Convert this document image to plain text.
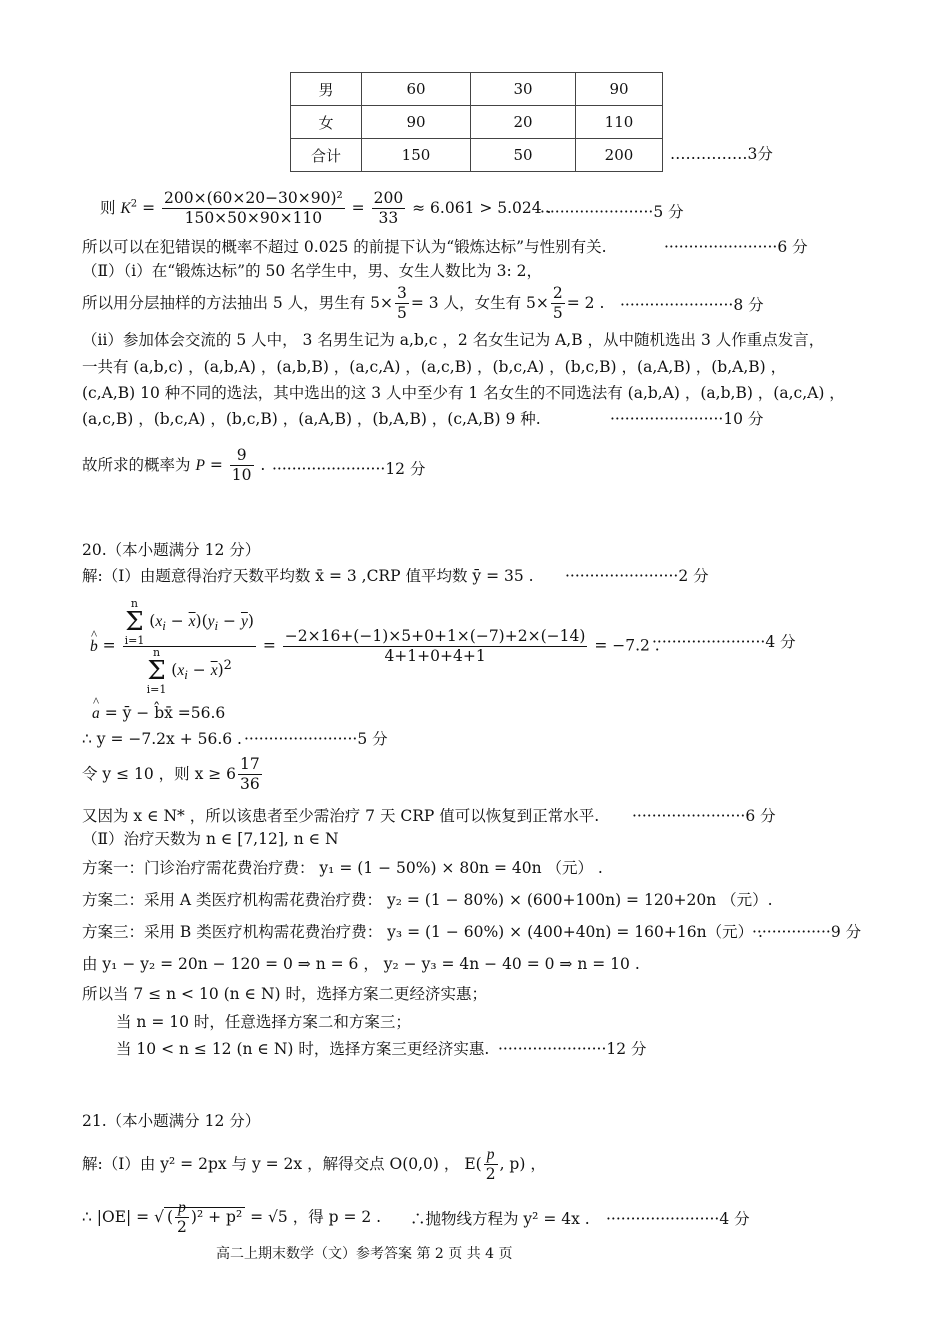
男	60	30	90
女	90	20	110
合计	150	50	200 ……………3分
则 $K^2 = \frac{\text{200×(60×20−30×90)²}}{150\times 50\times 90\times 110} = \frac{200}{33} \approx 6.061 > 5.024$ .
·······················5 分
所以可以在犯错误的概率不超过 0.025 的前提下认为“锻炼达标”与性别有关.	·······················6 分
（Ⅱ）（ⅰ）在“锻炼达标”的 50 名学生中，男、女生人数比为 3: 2，
所以用分层抽样的方法抽出 5 人，男生有 $5\times \frac{3}{5} = 3$ 人，女生有 $5\times \frac{2}{5} = 2$ . ·······················8 分
（ⅱ）参加体会交流的 5 人中， 3 名男生记为 a,b,c ，2 名女生记为 A,B ，从中随机选出 3 人作重点发言，
一共有 (a,b,c) ，(a,b,A) ，(a,b,B) ，(a,c,A) ，(a,c,B) ，(b,c,A) ，(b,c,B) ，(a,A,B) ，(b,A,B) ，
(c,A,B) 10 种不同的选法，其中选出的这 3 人中至少有 1 名女生的不同选法有 (a,b,A) ，(a,b,B) ，(a,c,A) ，
(a,c,B) ，(b,c,A) ，(b,c,B) ，(a,A,B) ，(b,A,B) ，(c,A,B) 9 种.	·······················10 分
故所求的概率为 $P = \frac{9}{10}$ . ·······················12 分
20.（本小题满分 12 分）
解:（Ⅰ）由题意得治疗天数平均数 x̄ = 3 ,CRP 值平均数 ȳ = 35 . ·······················2 分
^ b = n
Σ
i=1 $(x_i - \overline{x})(y_i - \overline{y})$
n
Σ
i=1 $(x_i - \overline{x})^2 = \frac{-2\times 16+(-1)\times 5+0+1\times(-7)+2\times(-14)}{4+1+0+4+1} = -7.2$ .
·······················4 分
^ a = ȳ − b̂x̄ =56.6
∴ y = −7.2x + 56.6 . ·······················5 分
令 y ≤ 10 ，则 $x \ge 6 \frac{17}{36}$
又因为 x ∈ N* ，所以该患者至少需治疗 7 天 CRP 值可以恢复到正常水平. ·······················6 分
（Ⅱ）治疗天数为 n ∈ [7,12], n ∈ N
方案一：门诊治疗需花费治疗费： y₁ = (1 − 50%) × 80n = 40n （元） .
方案二：采用 A 类医疗机构需花费治疗费： y₂ = (1 − 80%) × (600+100n) = 120+20n （元）.
方案三：采用 B 类医疗机构需花费治疗费： y₃ = (1 − 60%) × (400+40n) = 160+16n（元） .
················9 分
由 y₁ − y₂ = 20n − 120 = 0 ⇒ n = 6 ， y₂ − y₃ = 4n − 40 = 0 ⇒ n = 10 .
所以当 7 ≤ n < 10 (n ∈ N) 时，选择方案二更经济实惠；
当 n = 10 时，任意选择方案二和方案三；
当 10 < n ≤ 12 (n ∈ N) 时，选择方案三更经济实惠. ······················12 分
21.（本小题满分 12 分）
解:（Ⅰ）由 y² = 2px 与 y = 2x ，解得交点 O(0,0) ， $E( \frac{p}{2}$ , p) ，
∴ |OE| = √ ( $\frac{p}{2} )^2 + p^2 = √5$ ，得 p = 2 . ∴抛物线方程为 y² = 4x . ·······················4 分
高二上期末数学（文）参考答案 第 2 页 共 4 页
